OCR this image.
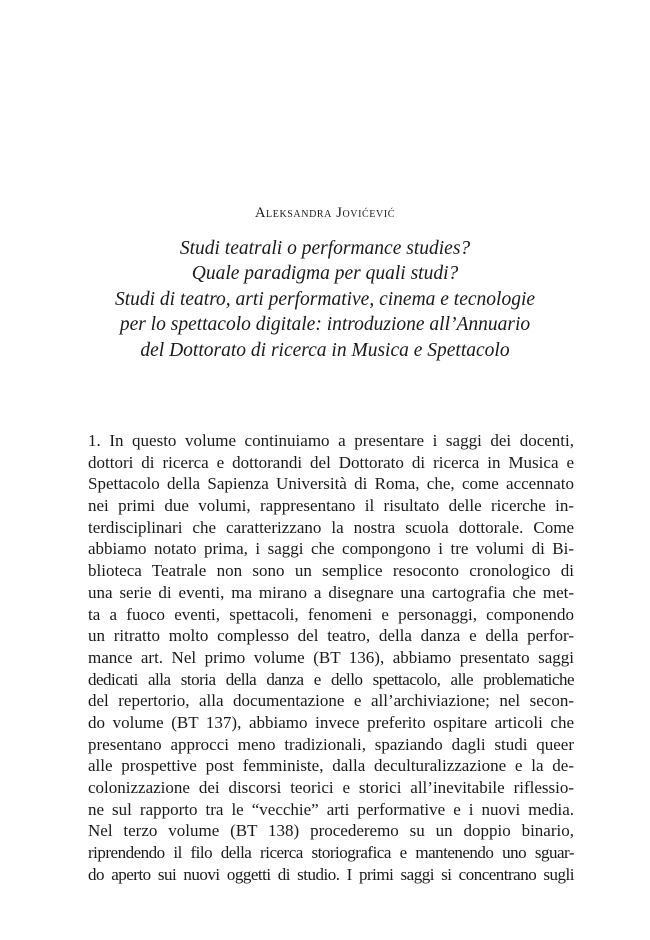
Aleksandra Jovićević
Studi teatrali o performance studies?
Quale paradigma per quali studi?
Studi di teatro, arti performative, cinema e tecnologie
per lo spettacolo digitale: introduzione all’Annuario
del Dottorato di ricerca in Musica e Spettacolo
1. In questo volume continuiamo a presentare i saggi dei docenti,
dottori di ricerca e dottorandi del Dottorato di ricerca in Musica e
Spettacolo della Sapienza Università di Roma, che, come accennato
nei primi due volumi, rappresentano il risultato delle ricerche in-
terdisciplinari che caratterizzano la nostra scuola dottorale. Come
abbiamo notato prima, i saggi che compongono i tre volumi di Bi-
blioteca Teatrale non sono un semplice resoconto cronologico di
una serie di eventi, ma mirano a disegnare una cartografia che met-
ta a fuoco eventi, spettacoli, fenomeni e personaggi, componendo
un ritratto molto complesso del teatro, della danza e della perfor-
mance art. Nel primo volume (BT 136), abbiamo presentato saggi
dedicati alla storia della danza e dello spettacolo, alle problematiche
del repertorio, alla documentazione e all’archiviazione; nel secon-
do volume (BT 137), abbiamo invece preferito ospitare articoli che
presentano approcci meno tradizionali, spaziando dagli studi queer
alle prospettive post femministe, dalla deculturalizzazione e la de-
colonizzazione dei discorsi teorici e storici all’inevitabile riflessio-
ne sul rapporto tra le “vecchie” arti performative e i nuovi media.
Nel terzo volume (BT 138) procederemo su un doppio binario,
riprendendo il filo della ricerca storiografica e mantenendo uno sguar-
do aperto sui nuovi oggetti di studio. I primi saggi si concentrano sugli
